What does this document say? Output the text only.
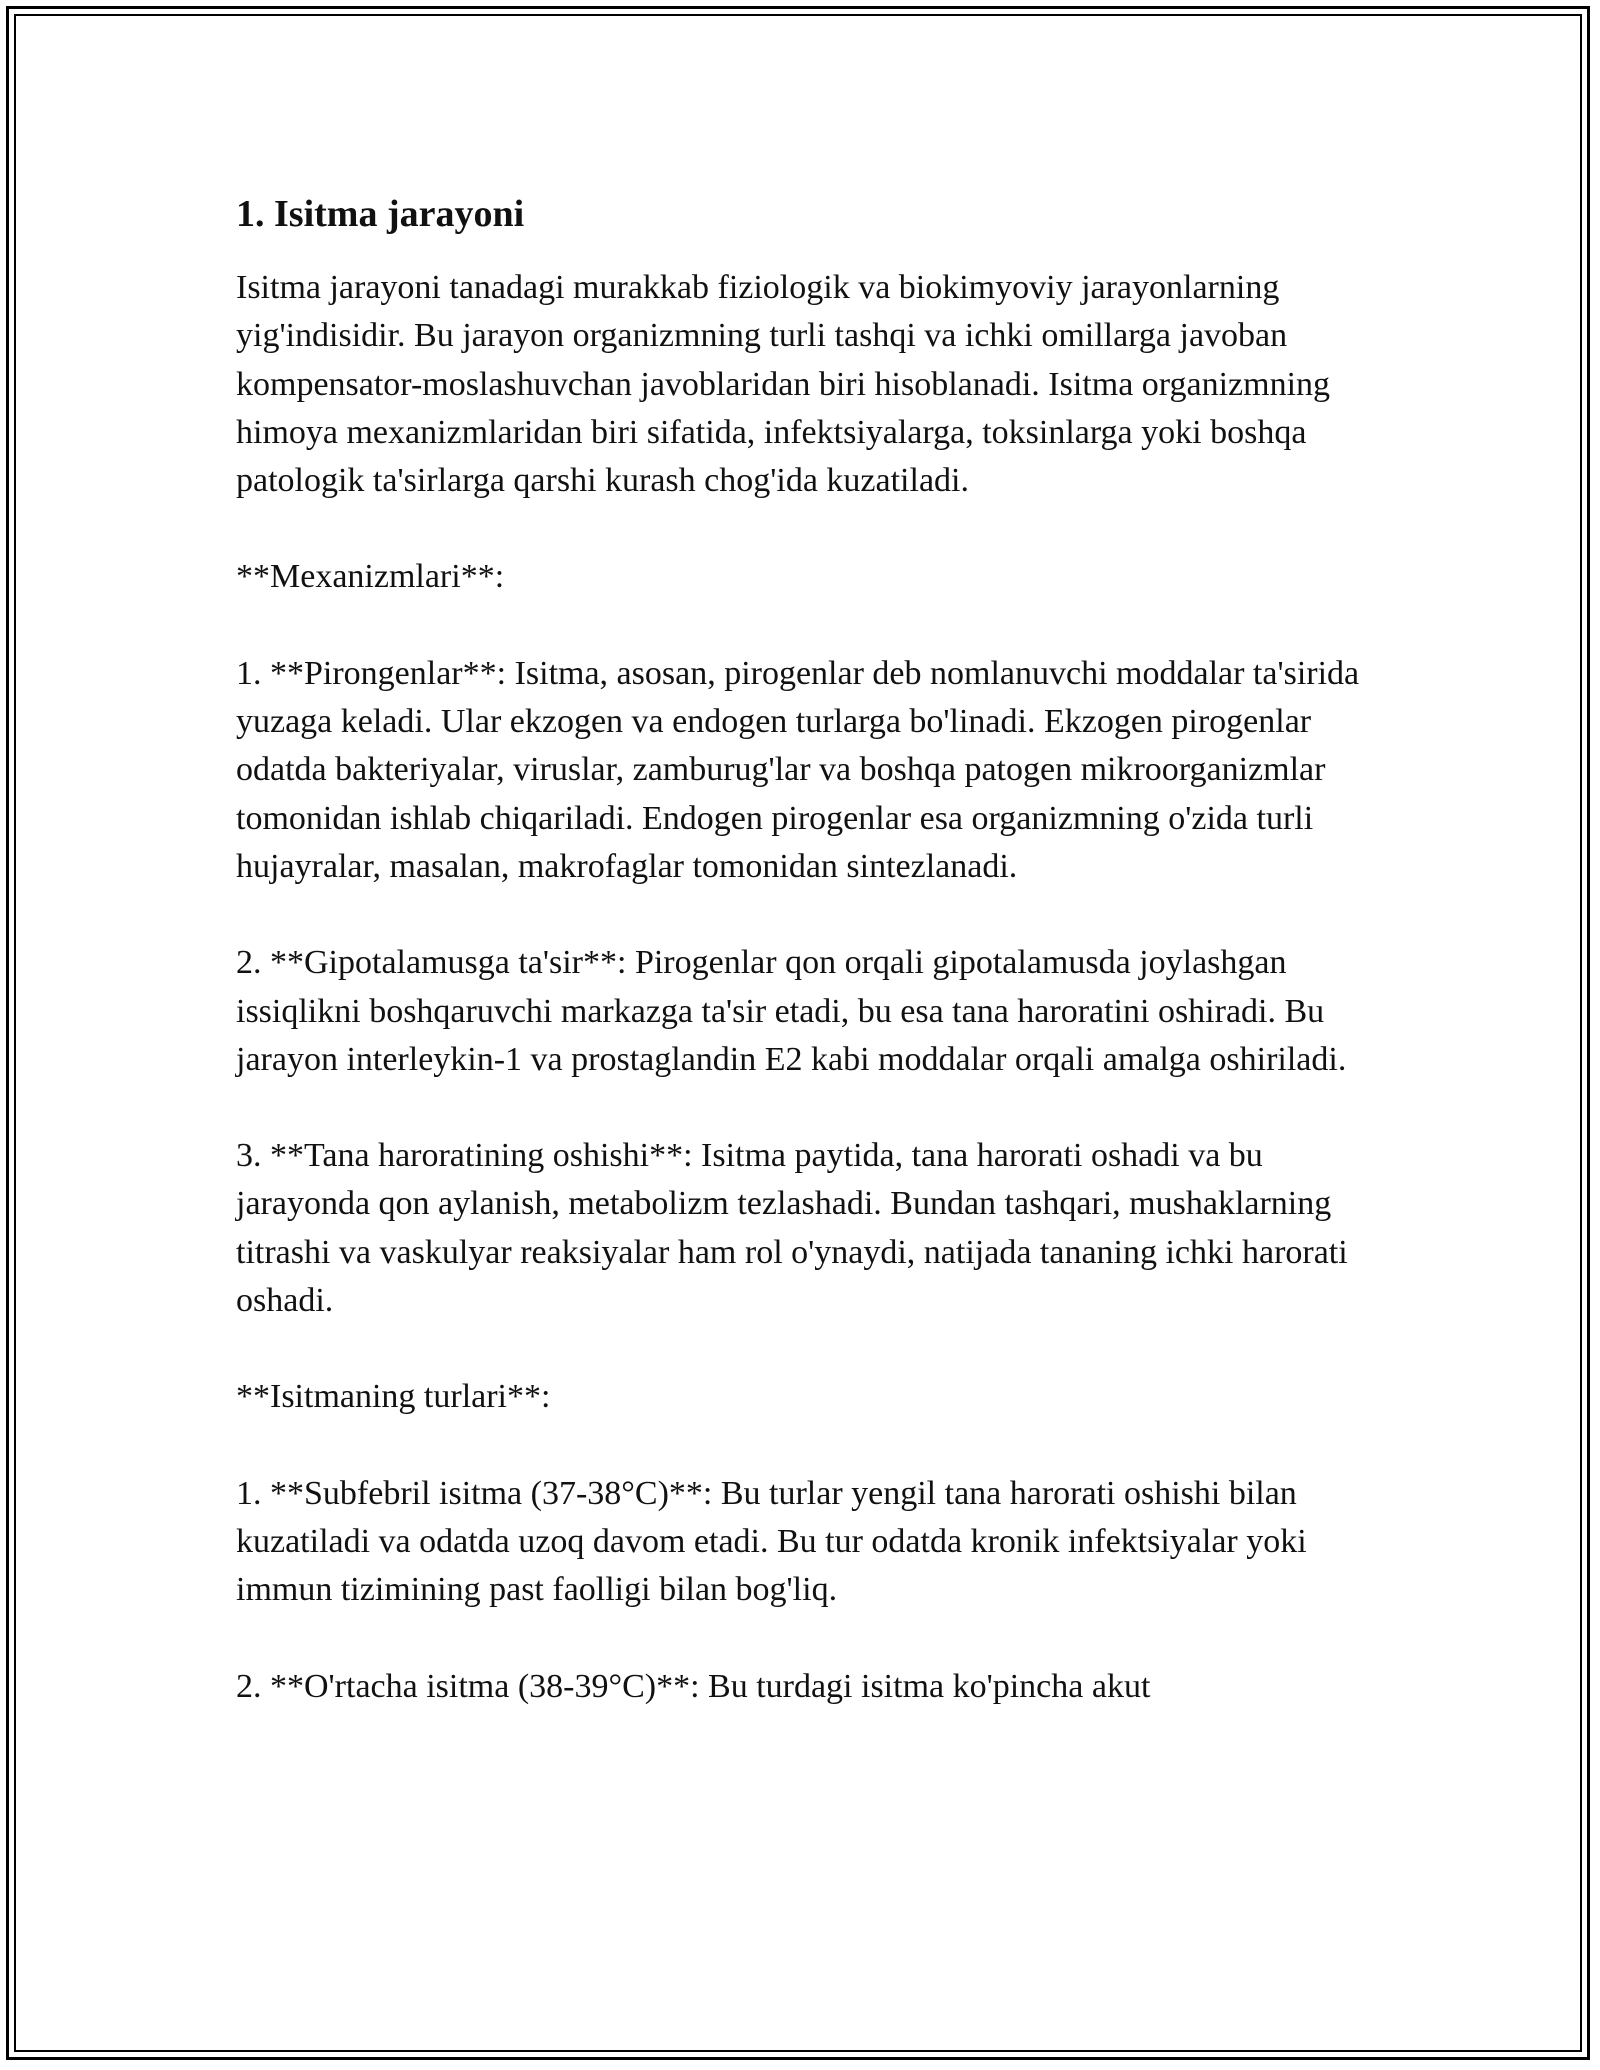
1. Isitma jarayoni

Isitma jarayoni tanadagi murakkab fiziologik va biokimyoviy jarayonlarning yig'indisidir. Bu jarayon organizmning turli tashqi va ichki omillarga javoban kompensator-moslashuvchan javoblaridan biri hisoblanadi. Isitma organizmning himoya mexanizmlaridan biri sifatida, infektsiyalarga, toksinlarga yoki boshqa patologik ta'sirlarga qarshi kurash chog'ida kuzatiladi.

**Mexanizmlari**:

1. **Pirongenlar**: Isitma, asosan, pirogenlar deb nomlanuvchi moddalar ta'sirida yuzaga keladi. Ular ekzogen va endogen turlarga bo'linadi. Ekzogen pirogenlar odatda bakteriyalar, viruslar, zamburug'lar va boshqa patogen mikroorganizmlar tomonidan ishlab chiqariladi. Endogen pirogenlar esa organizmning o'zida turli hujayralar, masalan, makrofaglar tomonidan sintezlanadi.

2. **Gipotalamusga ta'sir**: Pirogenlar qon orqali gipotalamusda joylashgan issiqlikni boshqaruvchi markazga ta'sir etadi, bu esa tana haroratini oshiradi. Bu jarayon interleykin-1 va prostaglandin E2 kabi moddalar orqali amalga oshiriladi.

3. **Tana haroratining oshishi**: Isitma paytida, tana harorati oshadi va bu jarayonda qon aylanish, metabolizm tezlashadi. Bundan tashqari, mushaklarning titrashi va vaskulyar reaksiyalar ham rol o'ynaydi, natijada tananing ichki harorati oshadi.

**Isitmaning turlari**:

1. **Subfebril isitma (37-38°C)**: Bu turlar yengil tana harorati oshishi bilan kuzatiladi va odatda uzoq davom etadi. Bu tur odatda kronik infektsiyalar yoki immun tizimining past faolligi bilan bog'liq.

2. **O'rtacha isitma (38-39°C)**: Bu turdagi isitma ko'pincha akut
